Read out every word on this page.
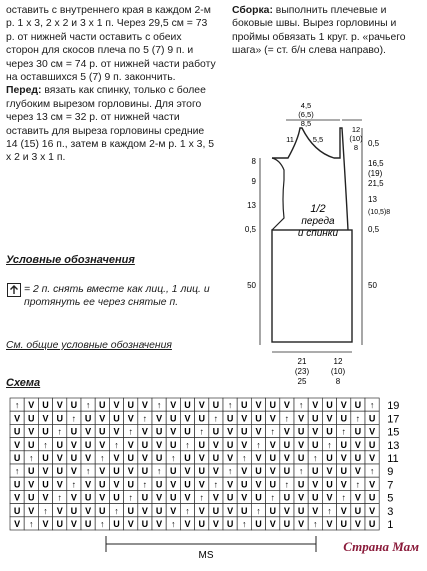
оставить с внутреннего края в каждом 2-м р. 1 х 3, 2 х 2 и 3 х 1 п. Через 29,5 см = 73 р. от нижней части оставить с обеих сторон для скосов плеча по 5 (7) 9 п. и через 30 см = 74 р. от нижней части работу на оставшихся 5 (7) 9 п. закончить.

Перед: вязать как спинку, только с более глубоким вырезом горловины. Для этого через 13 см = 32 р. от нижней части оставить для выреза горловины средние 14 (15) 16 п., затем в каждом 2-м р. 1 х 3, 5 х 2 и 3 х 1 п.

Сборка: выполнить плечевые и боковые швы. Вырез горловины и проймы обвязать 1 круг. р. «рачьего шага» (= ст. б/н слева направо).

Условные обозначения
= 2 п. снять вместе как лиц., 1 лиц. и протянуть ее через снятые п.
См. общие условные обозначения
Схема
1/2
переда
и спинки
4,5
(6,5)
8,5
5,5
11
12
(10)
8
8
9
13
0,5
50
0,5
16,5
(19)
21,5
13
(10,5)8
0,5
50
21
(23)
25
12
(10)
8
↑ V U V U ↑ U V U V ↑ V U V U ↑ U V U V ↑ V U V U ↑
V U V U ↑ U V U V ↑ V U V U ↑ U V U V ↑ V U V U ↑ U
U V U ↑ U V U V ↑ V U V U ↑ U V U V ↑ V U V U ↑ U V
V U ↑ U V U V ↑ V U V U ↑ U V U V ↑ V U V U ↑ U V U
U ↑ U V U V ↑ V U V U ↑ U V U V ↑ V U V U ↑ U V U V
↑ U V U V ↑ V U V U ↑ U V U V ↑ V U V U ↑ U V U V ↑
U V U V ↑ V U V U ↑ U V U V ↑ V U V U ↑ U V U V ↑ V
V U V ↑ V U V U ↑ U V U V ↑ V U V U ↑ U V U V ↑ V U
U V ↑ V U V U ↑ U V U V ↑ V U V U ↑ U V U V ↑ V U V
V ↑ V U V U ↑ U V U V ↑ V U V U ↑ U V U V ↑ V U V U
19
17
15
13
11
9
7
5
3
1
MS
Страна Мам
